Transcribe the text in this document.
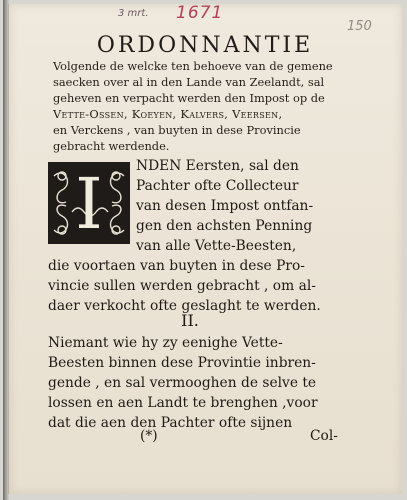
3 mrt. 1671
150
ORDONNANTIE
Volgende de welcke ten behoeve van de gemene
saecken over al in den Lande van Zeelandt, sal
geheven en verpacht werden den Impost op de
Vette-Ossen, Koeyen, Kalvers, Veersen,
en Verckens , van buyten in dese Provincie
gebracht werdende.
I NDEN Eersten, sal den
Pachter ofte Collecteur
van desen Impost ontfan-
gen den achsten Penning
van alle Vette-Beesten,
die voortaen van buyten in dese Pro-
vincie sullen werden gebracht , om al-
daer verkocht ofte geslaght te werden.

II.
Niemant wie hy zy eenighe Vette-
Beesten binnen dese Provintie inbren-
gende , en sal vermooghen de selve te
lossen en aen Landt te brenghen ,voor
dat die aen den Pachter ofte sijnen
(*)	Col-
